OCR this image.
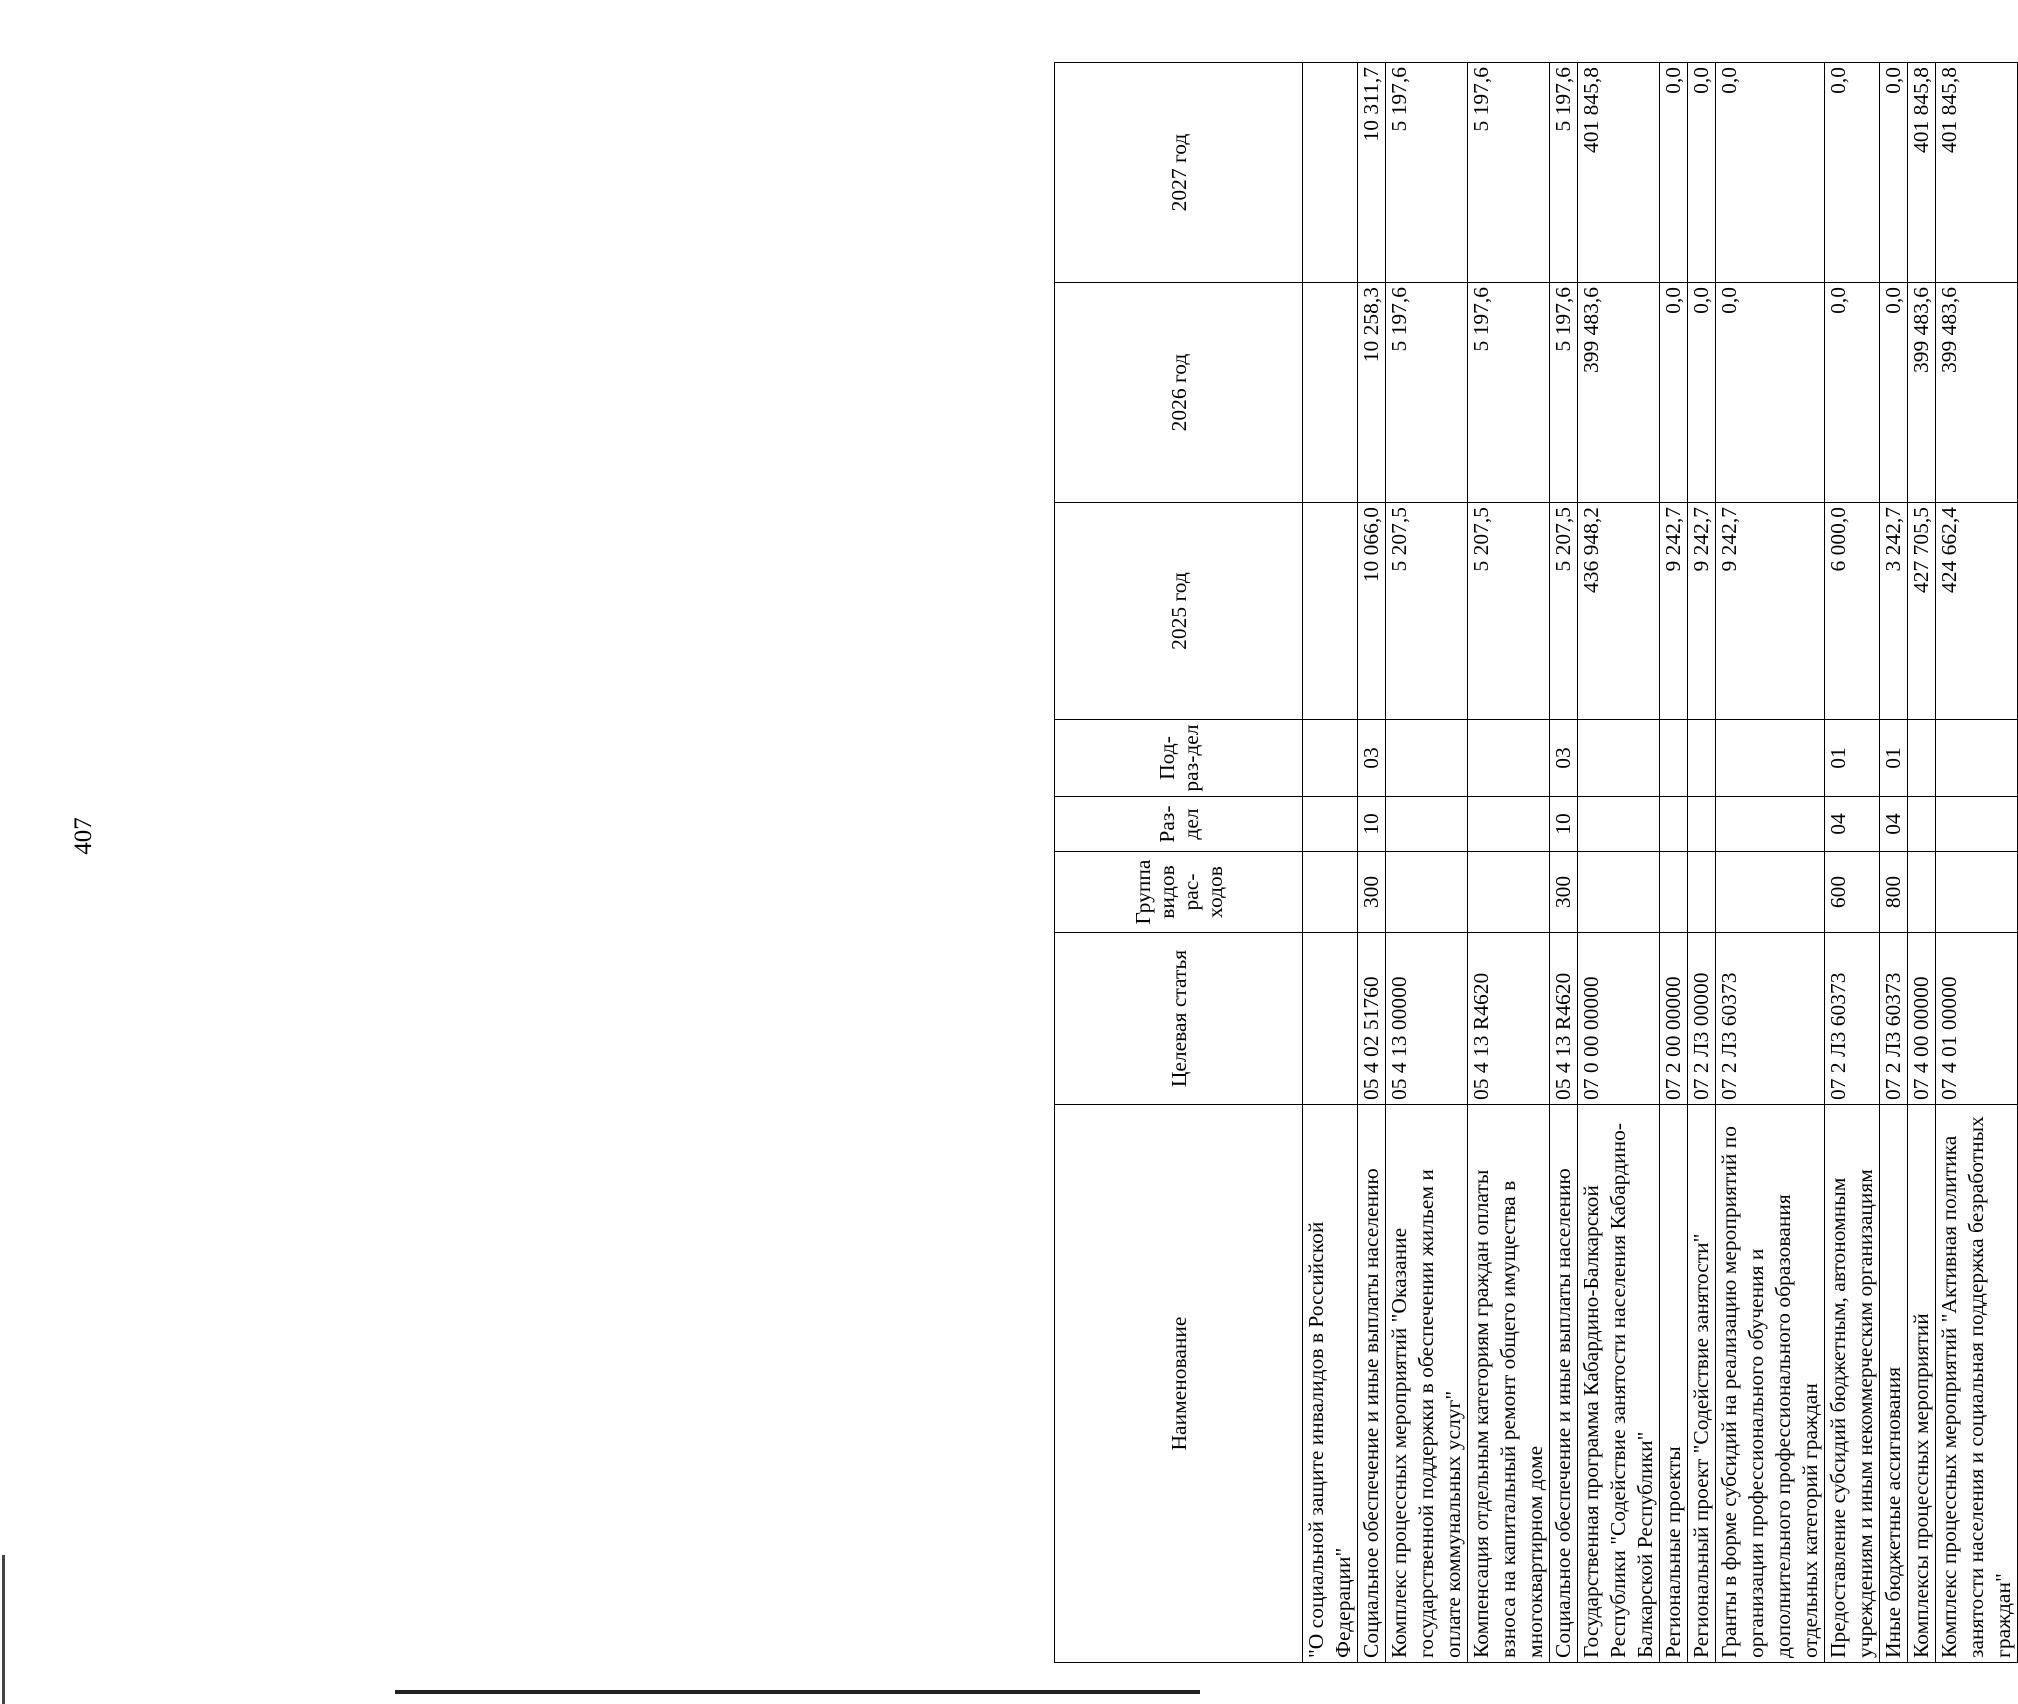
407
Наименование	Целевая статья	Группа видов рас-ходов	Раз-дел	Под-раз-дел	2025 год	2026 год	2027 год
"О социальной защите инвалидов в Российской Федерации"							
Социальное обеспечение и иные выплаты населению	05 4 02 51760	300	10	03	10 066,0	10 258,3	10 311,7
Комплекс процессных мероприятий "Оказание государственной поддержки в обеспечении жильем и оплате коммунальных услуг"	05 4 13 00000				5 207,5	5 197,6	5 197,6
Компенсация отдельным категориям граждан оплаты взноса на капитальный ремонт общего имущества в многоквартирном доме	05 4 13 R4620				5 207,5	5 197,6	5 197,6
Социальное обеспечение и иные выплаты населению	05 4 13 R4620	300	10	03	5 207,5	5 197,6	5 197,6
Государственная программа Кабардино-Балкарской Республики "Содействие занятости населения Кабардино-Балкарской Республики"	07 0 00 00000				436 948,2	399 483,6	401 845,8
Региональные проекты	07 2 00 00000				9 242,7	0,0	0,0
Региональный проект "Содействие занятости"	07 2 Л3 00000				9 242,7	0,0	0,0
Гранты в форме субсидий на реализацию мероприятий по организации профессионального обучения и дополнительного профессионального образования отдельных категорий граждан	07 2 Л3 60373				9 242,7	0,0	0,0
Предоставление субсидий бюджетным, автономным учреждениям и иным некоммерческим организациям	07 2 Л3 60373	600	04	01	6 000,0	0,0	0,0
Иные бюджетные ассигнования	07 2 Л3 60373	800	04	01	3 242,7	0,0	0,0
Комплексы процессных мероприятий	07 4 00 00000				427 705,5	399 483,6	401 845,8
Комплекс процессных мероприятий "Активная политика занятости населения и социальная поддержка безработных граждан"	07 4 01 00000				424 662,4	399 483,6	401 845,8
